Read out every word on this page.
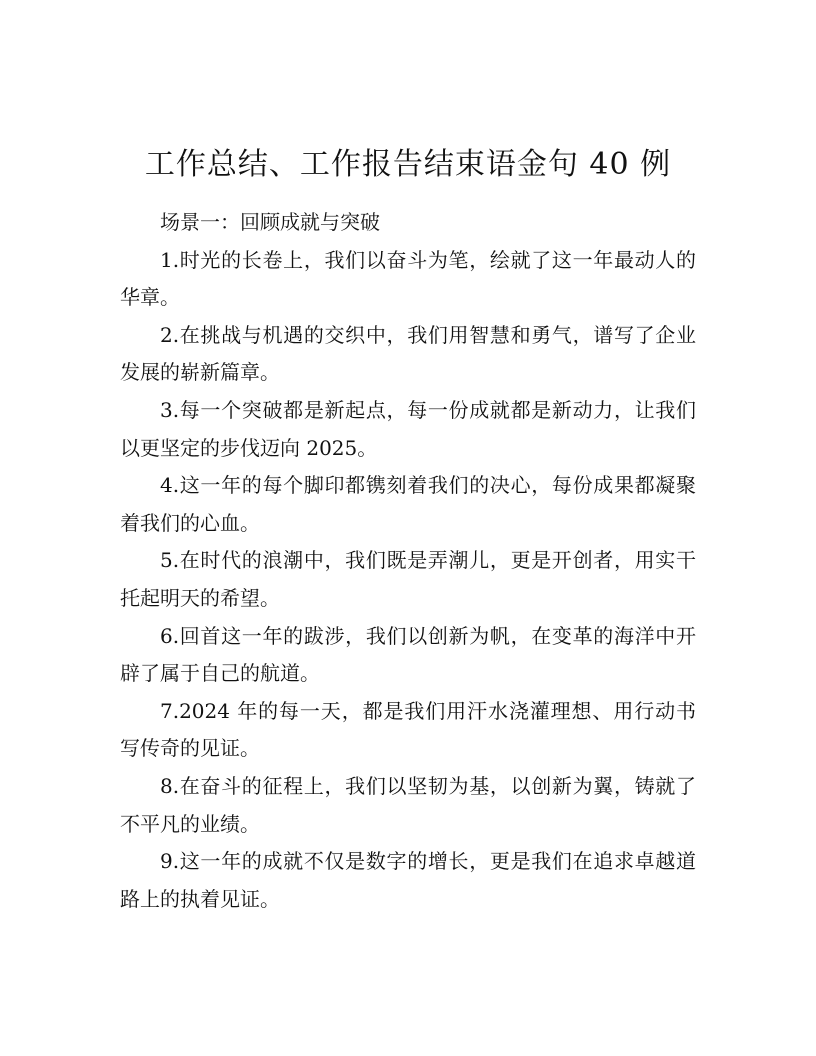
工作总结、工作报告结束语金句 40 例

场景一：回顾成就与突破

1.时光的长卷上，我们以奋斗为笔，绘就了这一年最动人的华章。

2.在挑战与机遇的交织中，我们用智慧和勇气，谱写了企业发展的崭新篇章。

3.每一个突破都是新起点，每一份成就都是新动力，让我们以更坚定的步伐迈向 2025。

4.这一年的每个脚印都镌刻着我们的决心，每份成果都凝聚着我们的心血。

5.在时代的浪潮中，我们既是弄潮儿，更是开创者，用实干托起明天的希望。

6.回首这一年的跋涉，我们以创新为帆，在变革的海洋中开辟了属于自己的航道。

7.2024 年的每一天，都是我们用汗水浇灌理想、用行动书写传奇的见证。

8.在奋斗的征程上，我们以坚韧为基，以创新为翼，铸就了不平凡的业绩。

9.这一年的成就不仅是数字的增长，更是我们在追求卓越道路上的执着见证。
